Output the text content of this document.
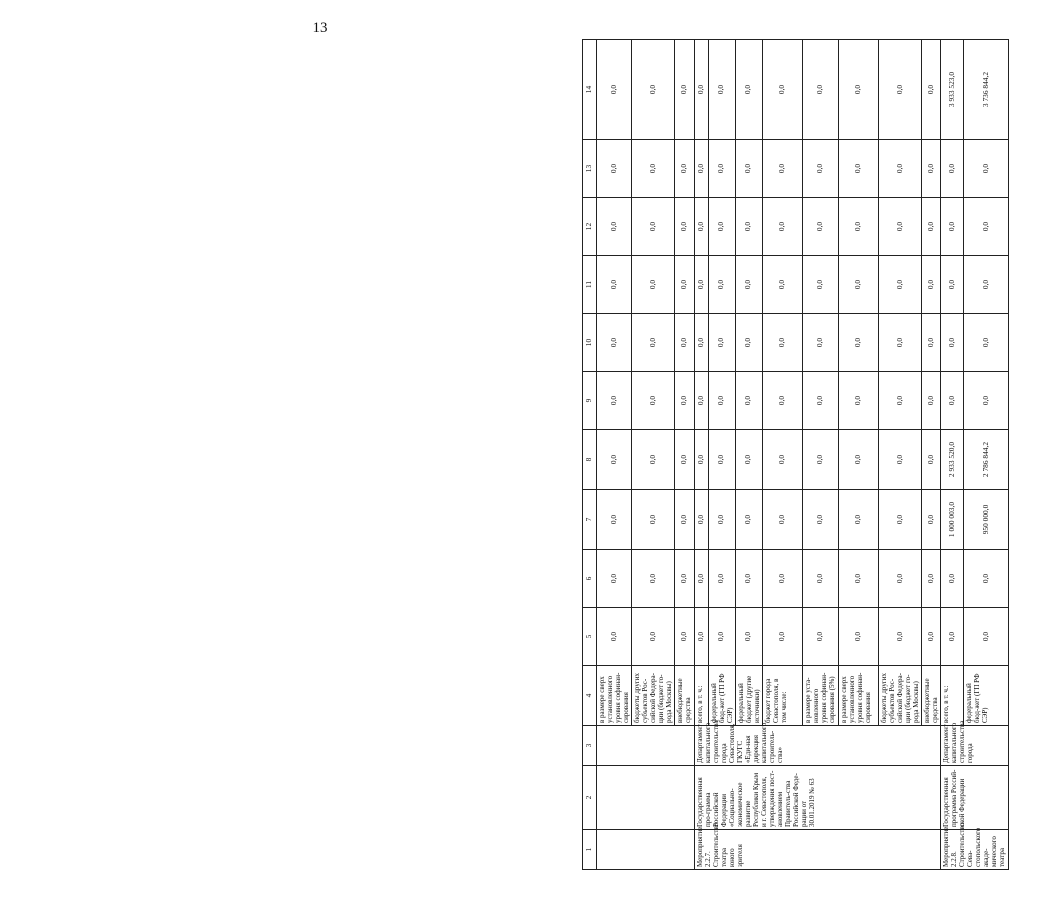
13
1	2	3	4	5	6	7	8	9	10	11	12	13	14
			в размере сверх установленного уровня софинан-сирования	0,0	0,0	0,0	0,0	0,0	0,0	0,0	0,0	0,0	0,0
			бюджеты других субъектов Рос-сийской Федера-ции (бюджет го-рода Москвы)	0,0	0,0	0,0	0,0	0,0	0,0	0,0	0,0	0,0	0,0
			внебюджетные средства	0,0	0,0	0,0	0,0	0,0	0,0	0,0	0,0	0,0	0,0
Мероприятие 2.2.7. Строительство театра юного зрителя	Государственная про-грамма Российской Федерации «Социально-экономическое развитие Республики Крым и г. Севастополя, утверждения пост-ановлением Правитель-ства Российской Феде-рации от 30.01.2019 № 63	Департамент капитального строительства города Севастополя, ГКУГС «Еди-ная дирекция капитального строитель-ства»	всего, в т. ч.:	0,0	0,0	0,0	0,0	0,0	0,0	0,0	0,0	0,0	0,0
			федеральный бюд-жет (ГП РФ СЭР)	0,0	0,0	0,0	0,0	0,0	0,0	0,0	0,0	0,0	0,0
			федеральный бюджет (другие источники)	0,0	0,0	0,0	0,0	0,0	0,0	0,0	0,0	0,0	0,0
			бюджет города Севастополя, в том числе:	0,0	0,0	0,0	0,0	0,0	0,0	0,0	0,0	0,0	0,0
			в размере уста-новленного уровня софинан-сирования (5%)	0,0	0,0	0,0	0,0	0,0	0,0	0,0	0,0	0,0	0,0
			в размере сверх установленного уровня софинан-сирования	0,0	0,0	0,0	0,0	0,0	0,0	0,0	0,0	0,0	0,0
			бюджеты других субъектов Рос-сийской Федера-ции (бюджет го-рода Москвы)	0,0	0,0	0,0	0,0	0,0	0,0	0,0	0,0	0,0	0,0
			внебюджетные средства	0,0	0,0	0,0	0,0	0,0	0,0	0,0	0,0	0,0	0,0
Мероприятие 2.2.8. Строительство Сева-стопольского акаде-мического театра	Государственная программа Россий-ской Федерации	Департамент капитального строительства города	всего, в т. ч.:	0,0	0,0	1 000 003,0	2 933 520,0	0,0	0,0	0,0	0,0	0,0	3 933 523,0
			федеральный бюд-жет (ГП РФ СЭР)	0,0	0,0	950 000,0	2 786 844,2	0,0	0,0	0,0	0,0	0,0	3 736 844,2
